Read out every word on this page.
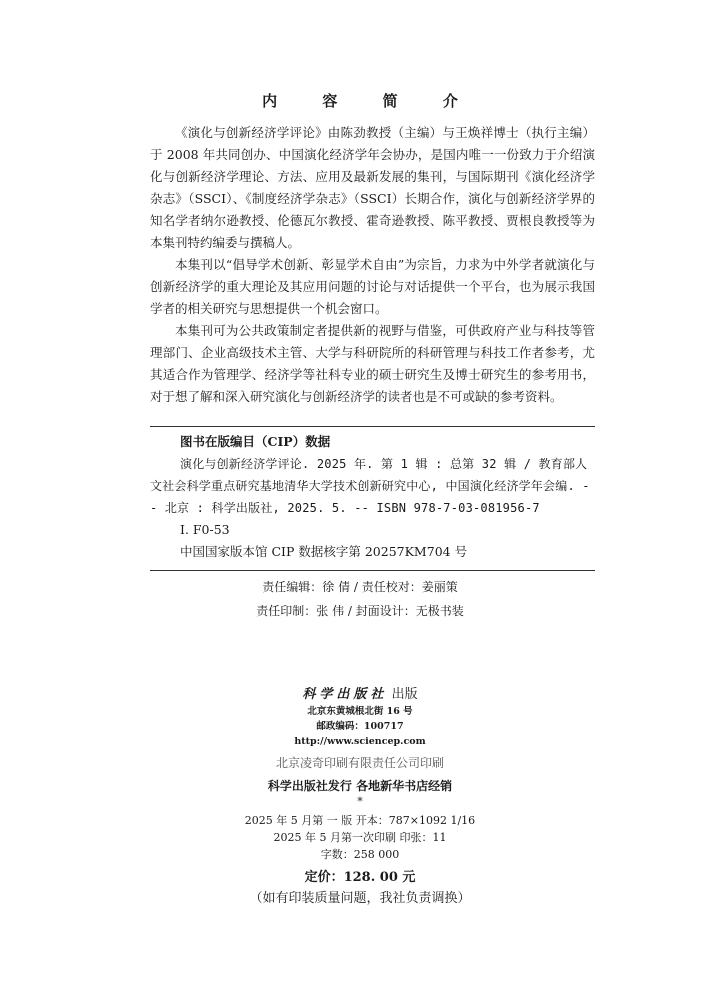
内 容 简 介

《演化与创新经济学评论》由陈劲教授（主编）与王焕祥博士（执行主编）于 2008 年共同创办、中国演化经济学年会协办，是国内唯一一份致力于介绍演化与创新经济学理论、方法、应用及最新发展的集刊，与国际期刊《演化经济学杂志》（SSCI）、《制度经济学杂志》（SSCI）长期合作，演化与创新经济学界的知名学者纳尔逊教授、伦德瓦尔教授、霍奇逊教授、陈平教授、贾根良教授等为本集刊特约编委与撰稿人。

本集刊以“倡导学术创新、彰显学术自由”为宗旨，力求为中外学者就演化与创新经济学的重大理论及其应用问题的讨论与对话提供一个平台，也为展示我国学者的相关研究与思想提供一个机会窗口。

本集刊可为公共政策制定者提供新的视野与借鉴，可供政府产业与科技等管理部门、企业高级技术主管、大学与科研院所的科研管理与科技工作者参考，尤其适合作为管理学、经济学等社科专业的硕士研究生及博士研究生的参考用书，对于想了解和深入研究演化与创新经济学的读者也是不可或缺的参考资料。

图书在版编目（CIP）数据

演化与创新经济学评论. 2025 年. 第 1 辑 : 总第 32 辑 / 教育部人文社会科学重点研究基地清华大学技术创新研究中心, 中国演化经济学年会编. -- 北京 : 科学出版社, 2025. 5. -- ISBN 978-7-03-081956-7

Ⅰ. F0-53

中国国家版本馆 CIP 数据核字第 20257KM704 号

责任编辑：徐 倩 / 责任校对：姜丽策
责任印制：张 伟 / 封面设计：无极书装
科学出版社 出版
北京东黄城根北街 16 号
邮政编码：100717
http://www.sciencep.com
北京凌奇印刷有限责任公司印刷
科学出版社发行 各地新华书店经销
*
2025 年 5 月第 一 版 开本：787×1092 1/16
2025 年 5 月第一次印刷 印张：11
字数：258 000
定价：128. 00 元
（如有印装质量问题，我社负责调换）
